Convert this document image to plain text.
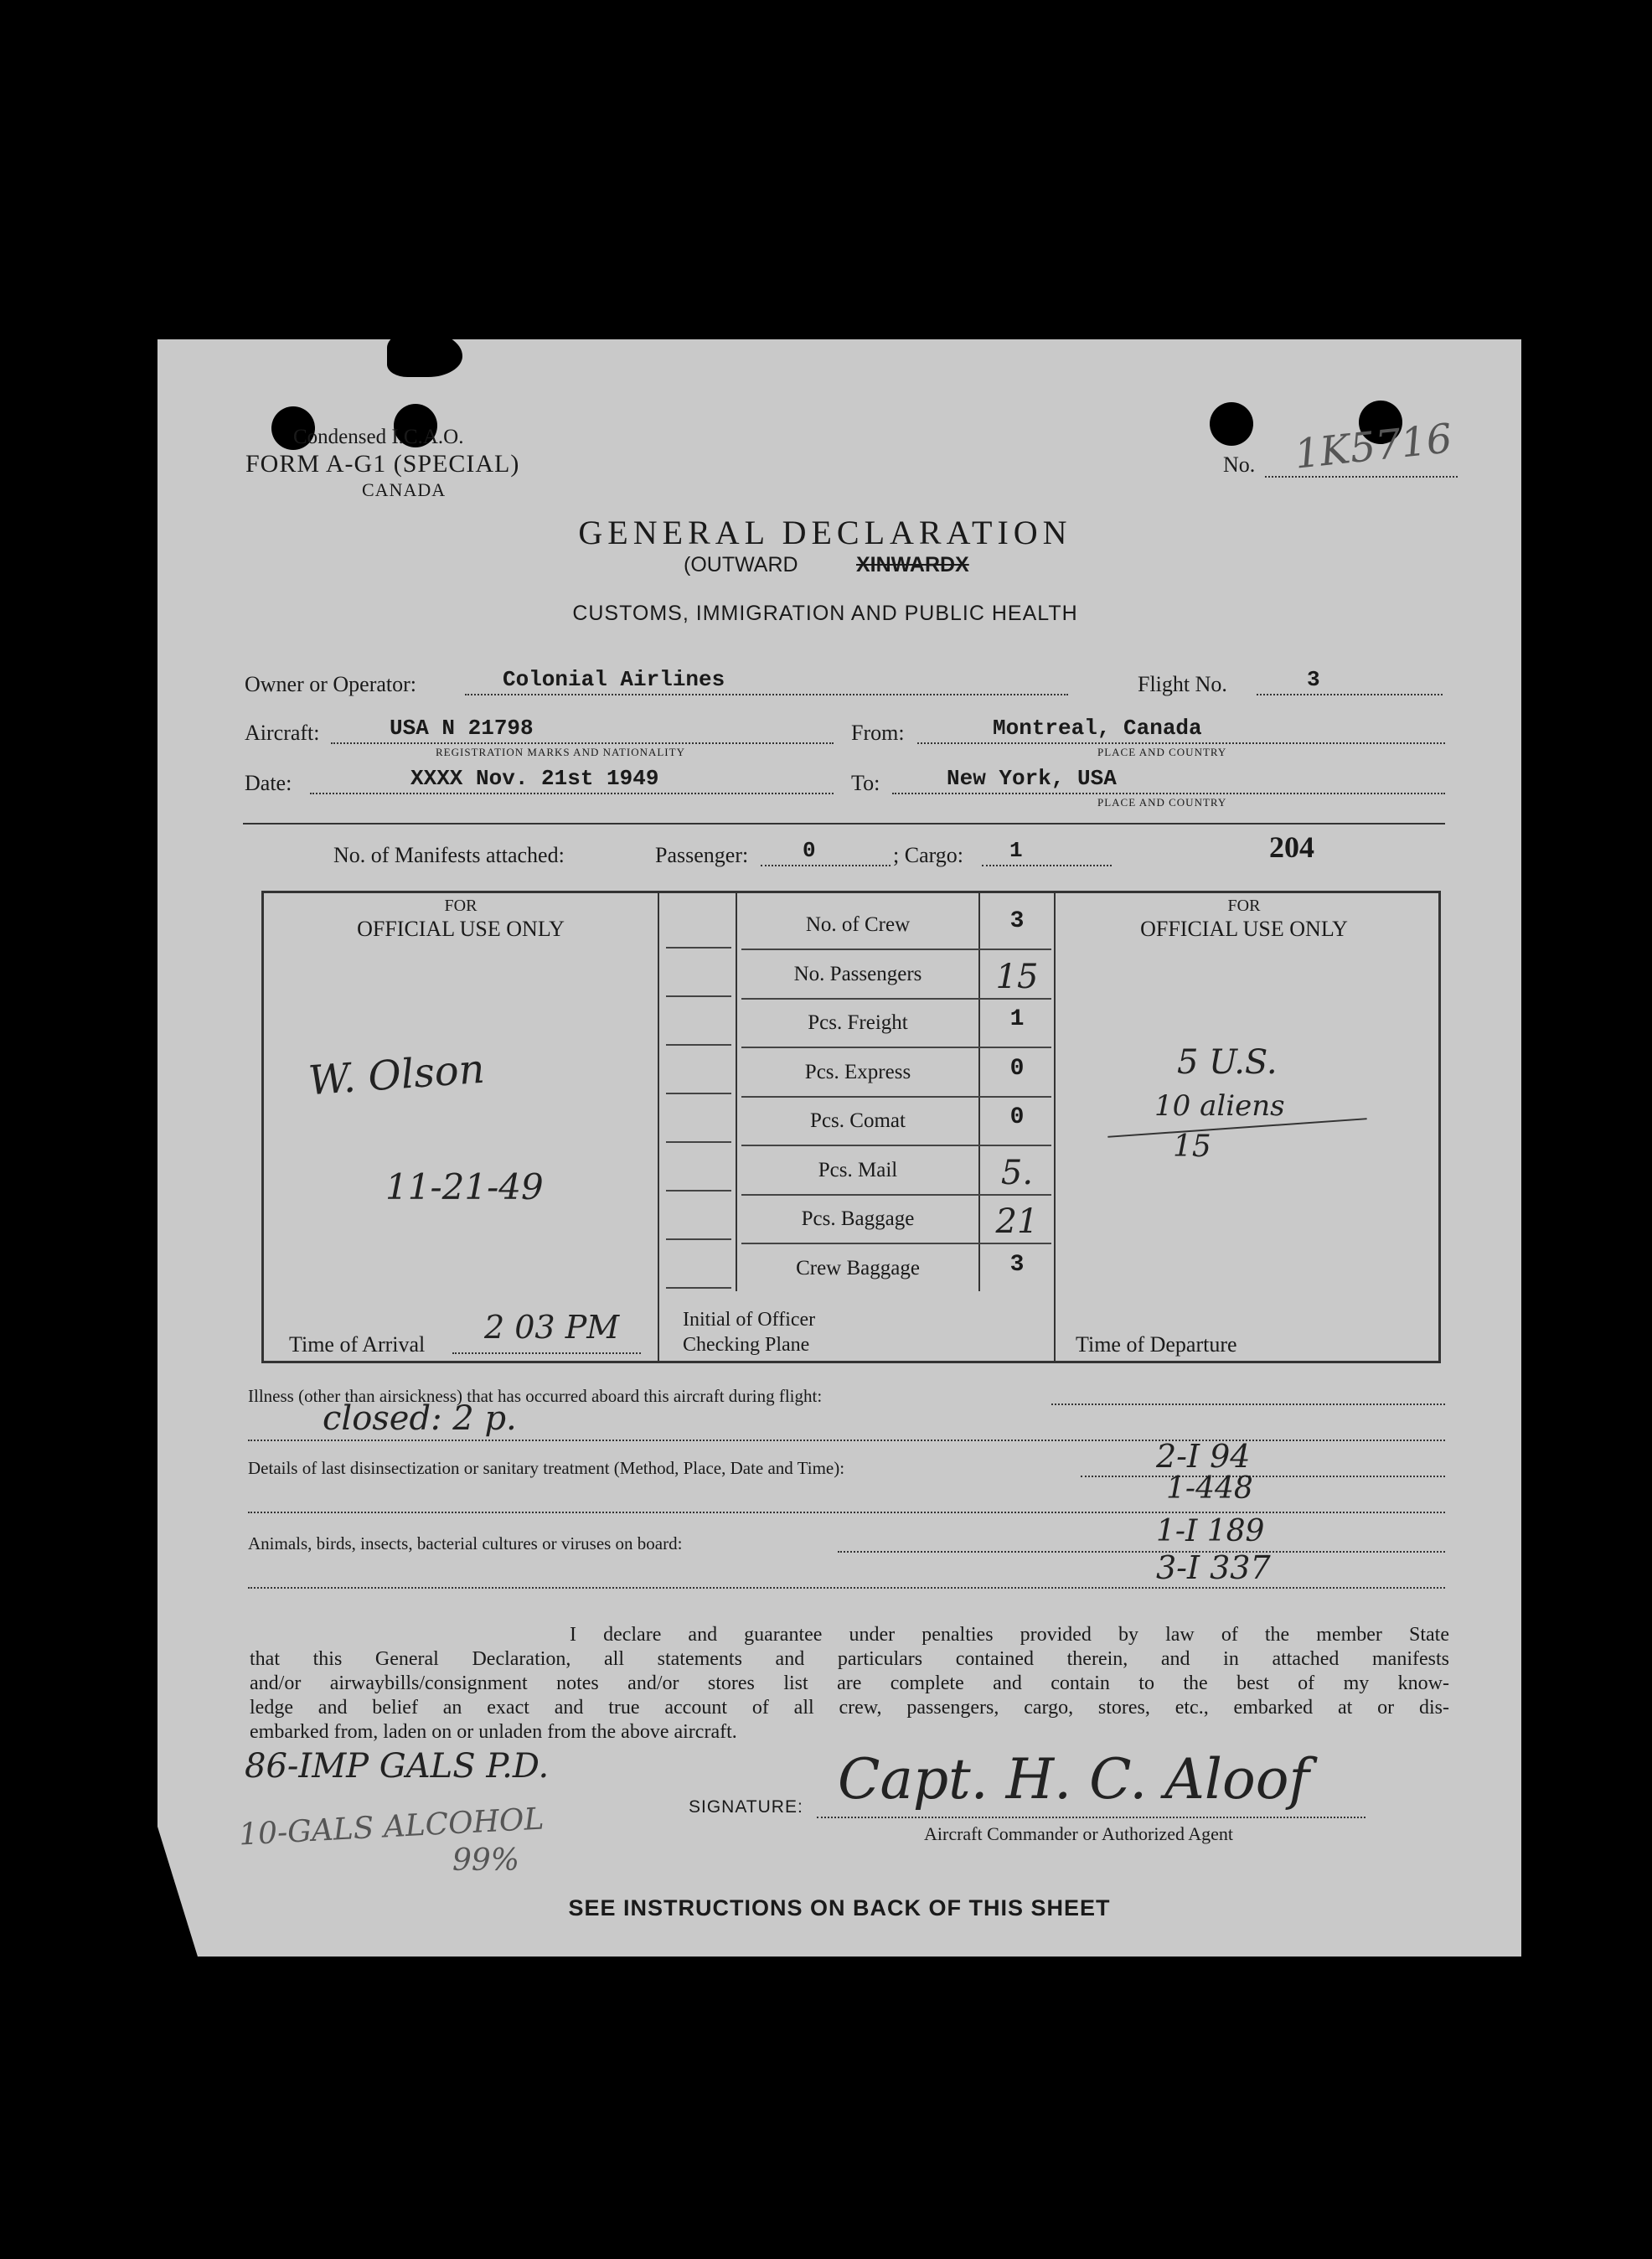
Condensed I.C.A.O.
FORM A-G1 (SPECIAL)
CANADA
No. 1K5716
GENERAL DECLARATION
(OUTWARD	XINWARDX
CUSTOMS, IMMIGRATION AND PUBLIC HEALTH
Owner or Operator:	Colonial Airlines	Flight No.	3
Aircraft:	USA N 21798
REGISTRATION MARKS AND NATIONALITY
From:	Montreal, Canada
PLACE AND COUNTRY
Date:	XXXX Nov. 21st 1949	To:	New York, USA
PLACE AND COUNTRY
No. of Manifests attached:	Passenger: 0	; Cargo: 1	204
FOR
OFFICIAL USE ONLY
W. Olson
11-21-49
Time of Arrival 2 03 PM	Initial of Officer
Checking Plane
No. of Crew	3
No. Passengers	15
Pcs. Freight	1
Pcs. Express	0
Pcs. Comat	0
Pcs. Mail	5.
Pcs. Baggage	21
Crew Baggage	3
FOR
OFFICIAL USE ONLY
5 U.S.
10 aliens
15
Time of Departure
Illness (other than airsickness) that has occurred aboard this aircraft during flight:
closed: 2 p.
Details of last disinsectization or sanitary treatment (Method, Place, Date and Time):	2-I 94
1-448
Animals, birds, insects, bacterial cultures or viruses on board:	1-I 189
3-I 337
I declare and guarantee under penalties provided by law of the member State
that this General Declaration, all statements and particulars contained therein, and in attached manifests
and/or airwaybills/consignment notes and/or stores list are complete and contain to the best of my know-
ledge and belief an exact and true account of all crew, passengers, cargo, stores, etc., embarked at or dis-
embarked from, laden on or unladen from the above aircraft.
86-IMP GALS P.D.
10-GALS ALCOHOL
99%
SIGNATURE: Capt. H. C. Aloof
Aircraft Commander or Authorized Agent
SEE INSTRUCTIONS ON BACK OF THIS SHEET
